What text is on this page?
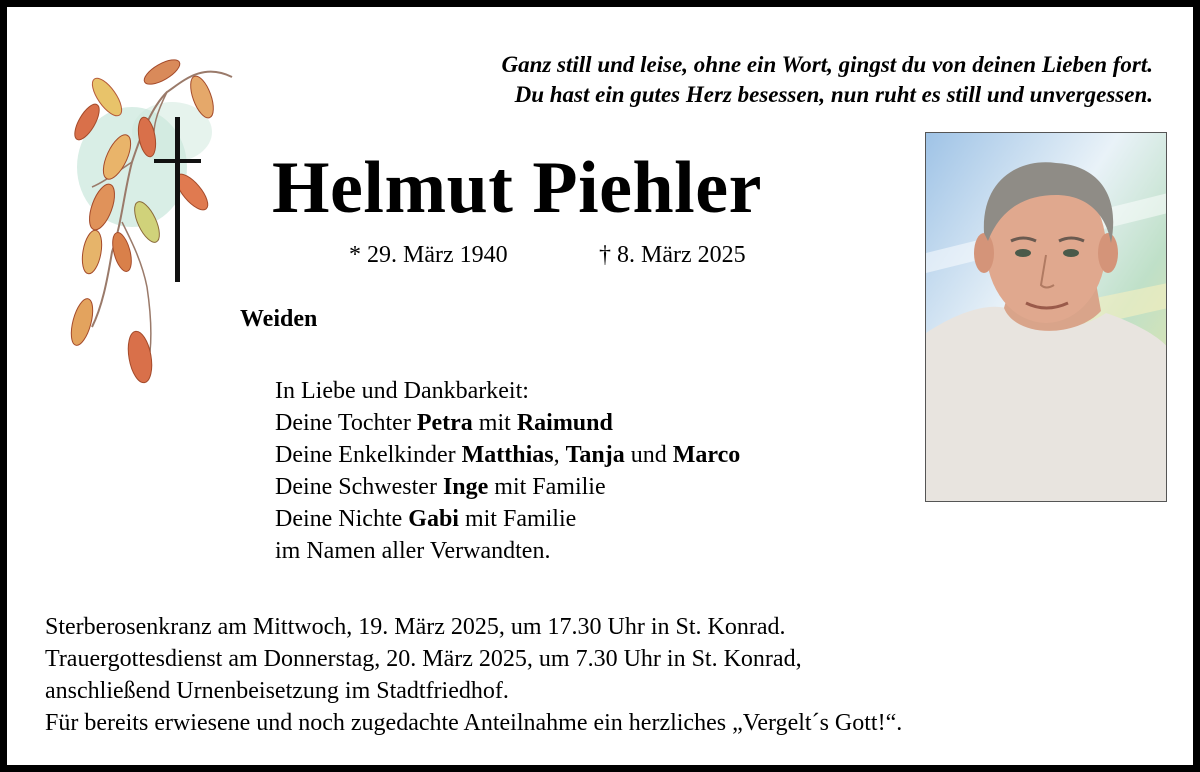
Ganz still und leise, ohne ein Wort, gingst du von deinen Lieben fort.
Du hast ein gutes Herz besessen, nun ruht es still und unvergessen.
Helmut Piehler
* 29. März 1940	† 8. März 2025
Weiden
In Liebe und Dankbarkeit:
Deine Tochter Petra mit Raimund
Deine Enkelkinder Matthias, Tanja und Marco
Deine Schwester Inge mit Familie
Deine Nichte Gabi mit Familie
im Namen aller Verwandten.
Sterberosenkranz am Mittwoch, 19. März 2025, um 17.30 Uhr in St. Konrad.
Trauergottesdienst am Donnerstag, 20. März 2025, um 7.30 Uhr in St. Konrad,
anschließend Urnenbeisetzung im Stadtfriedhof.
Für bereits erwiesene und noch zugedachte Anteilnahme ein herzliches „Vergelt´s Gott!“.
